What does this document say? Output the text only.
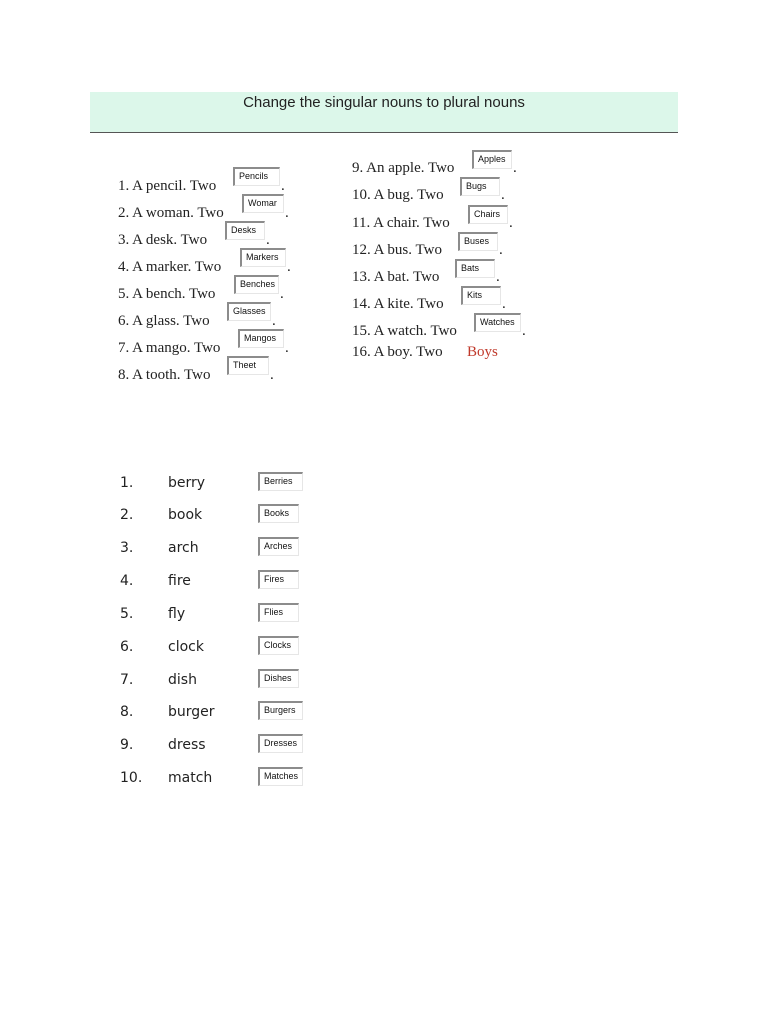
Change the singular nouns to plural nouns
1. A pencil. Two
Pencils
.
2. A woman. Two
Womar
.
3. A desk. Two
Desks
.
4. A marker. Two
Markers
.
5. A bench. Two
Benches
.
6. A glass. Two
Glasses
.
7. A mango. Two
Mangos
.
8. A tooth. Two
Theet
.
9. An apple. Two
Apples
.
10. A bug. Two
Bugs
.
11. A chair. Two
Chairs
.
12. A bus. Two
Buses
.
13. A bat. Two
Bats
.
14. A kite. Two
Kits
.
15. A watch. Two
Watches
.
16. A boy. Two Boys
1. berry	Berries
2. book	Books
3. arch	Arches
4. fire	Fires
5. fly	Flies
6. clock	Clocks
7. dish	Dishes
8. burger	Burgers
9. dress	Dresses
10. match	Matches
